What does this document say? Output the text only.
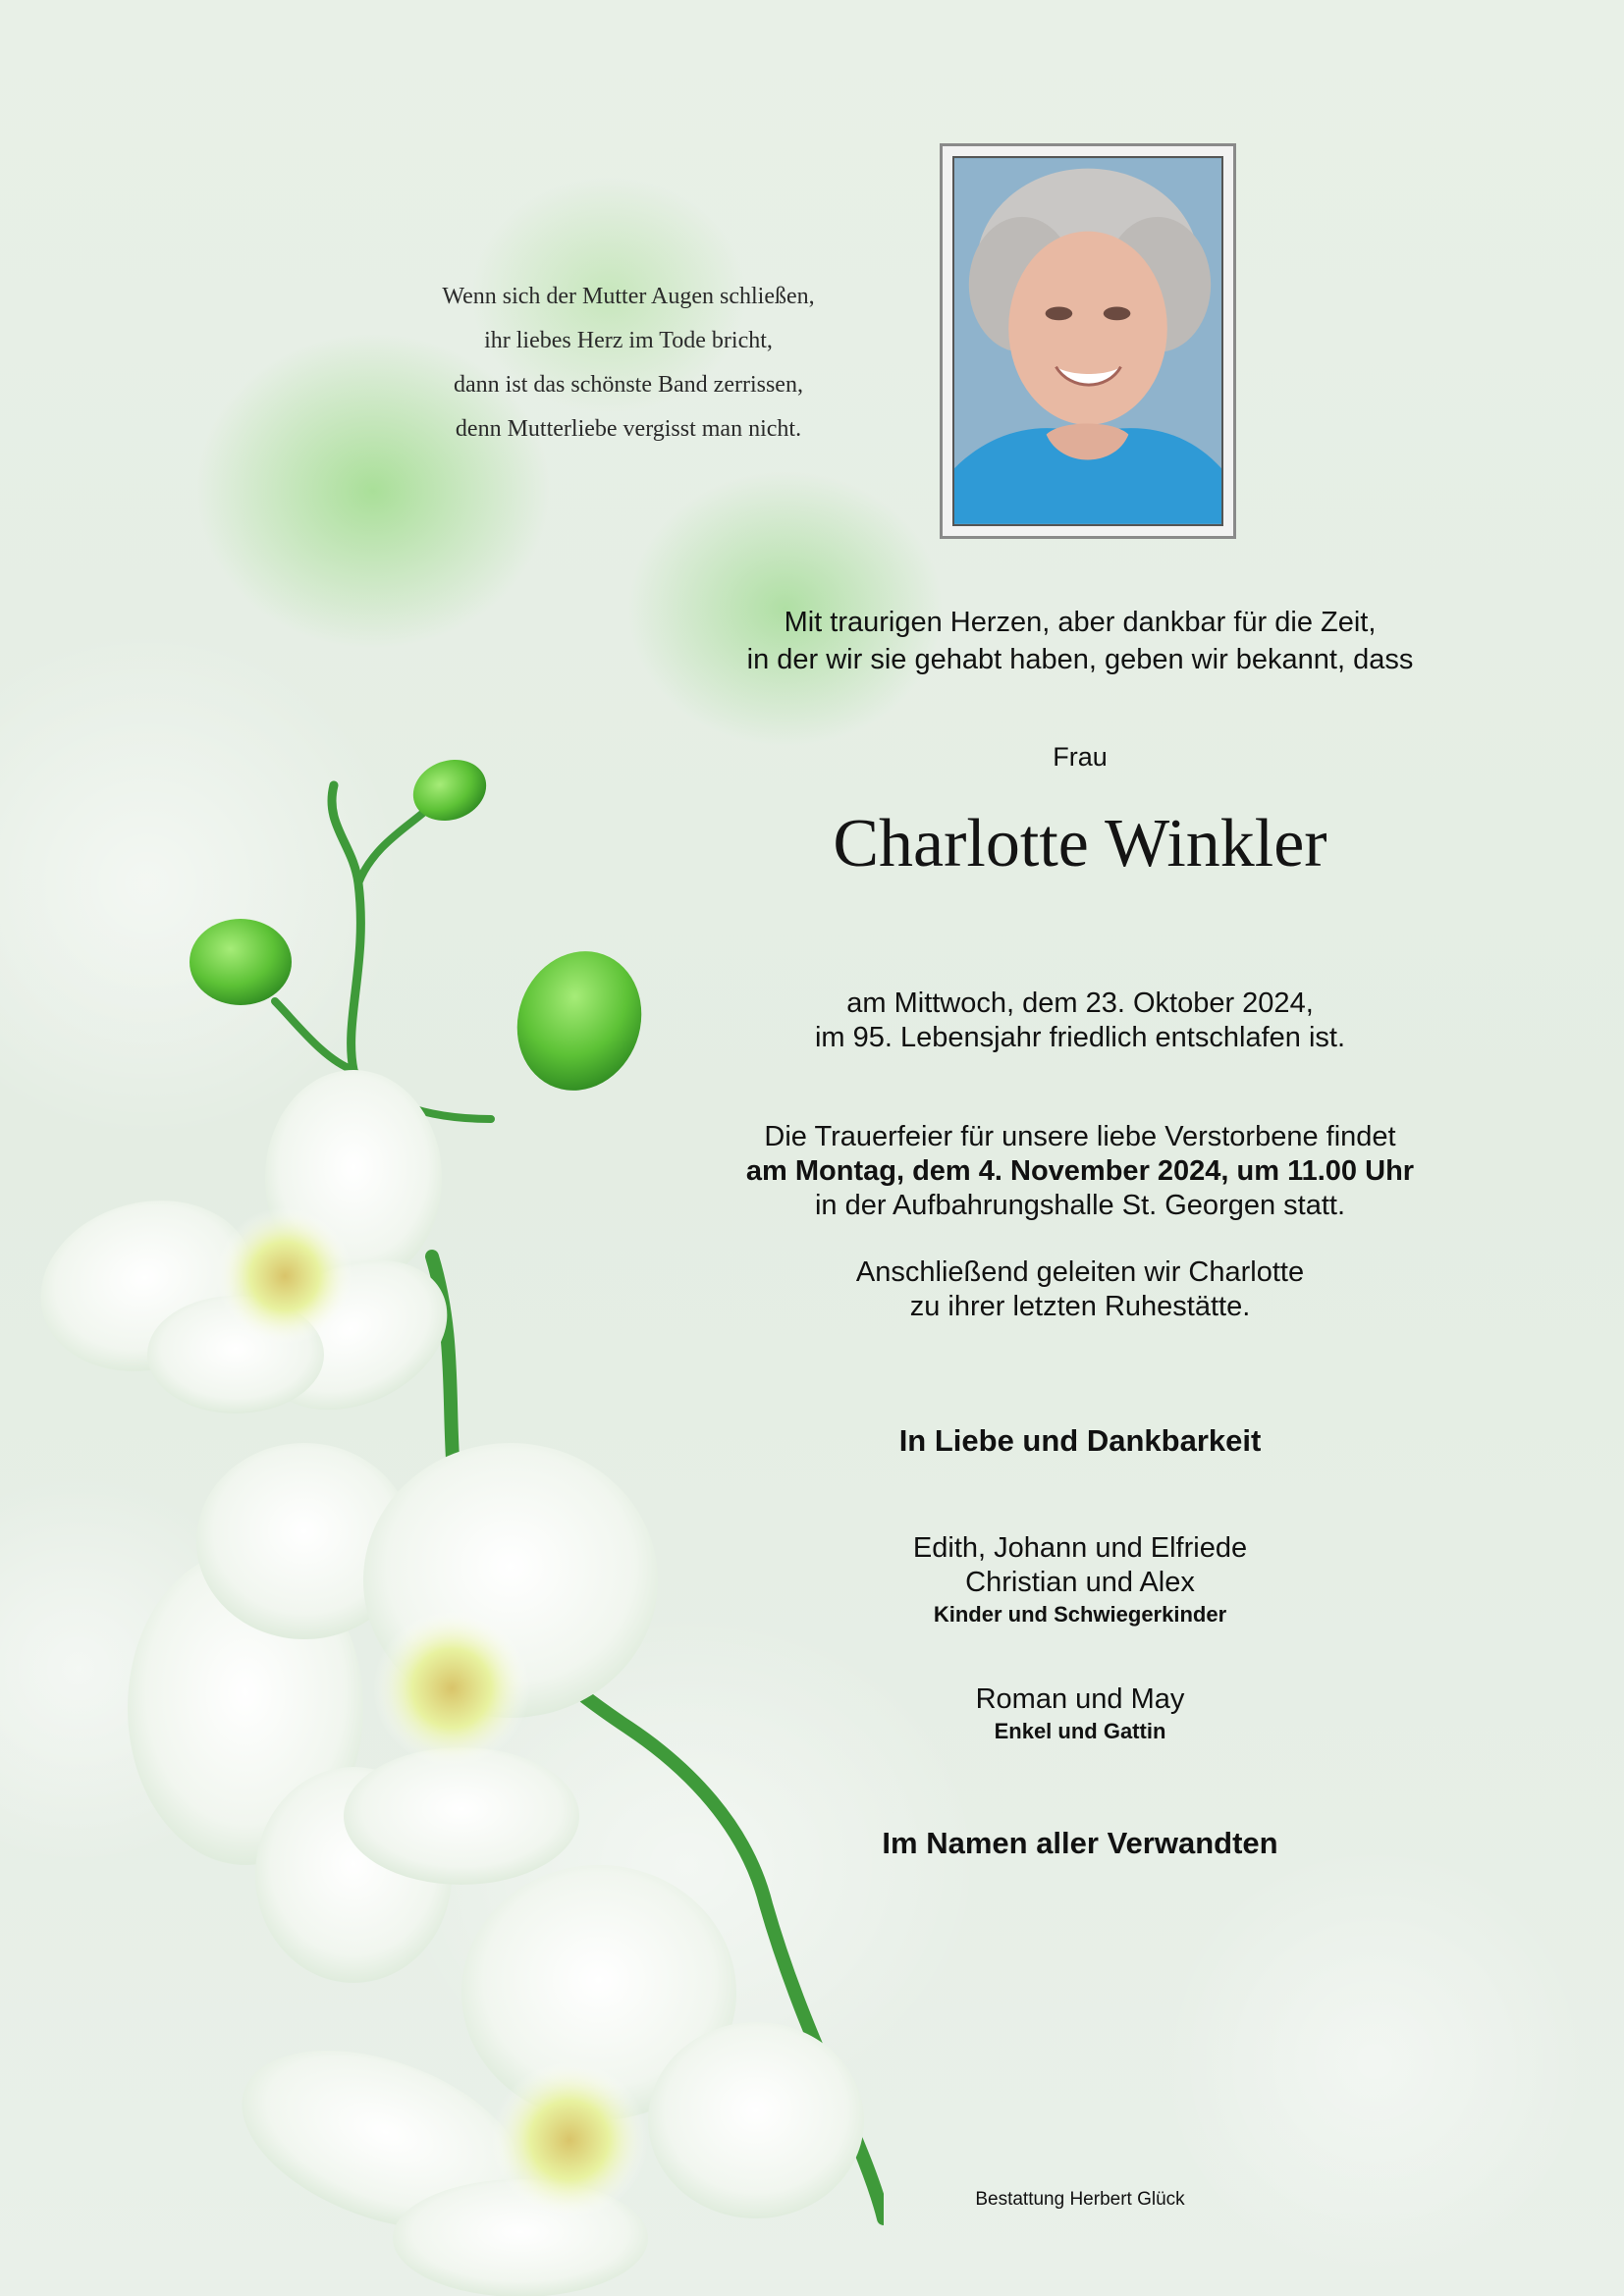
Wenn sich der Mutter Augen schließen,
ihr liebes Herz im Tode bricht,
dann ist das schönste Band zerrissen,
denn Mutterliebe vergisst man nicht.
Mit traurigen Herzen, aber dankbar für die Zeit,
in der wir sie gehabt haben, geben wir bekannt, dass
Frau
Charlotte Winkler
am Mittwoch, dem 23. Oktober 2024,
im 95. Lebensjahr friedlich entschlafen ist.
Die Trauerfeier für unsere liebe Verstorbene findet
am Montag, dem 4. November 2024, um 11.00 Uhr
in der Aufbahrungshalle St. Georgen statt.
Anschließend geleiten wir Charlotte
zu ihrer letzten Ruhestätte.
In Liebe und Dankbarkeit
Edith, Johann und Elfriede
Christian und Alex
Kinder und Schwiegerkinder
Roman und May
Enkel und Gattin
Im Namen aller Verwandten
Bestattung Herbert Glück
